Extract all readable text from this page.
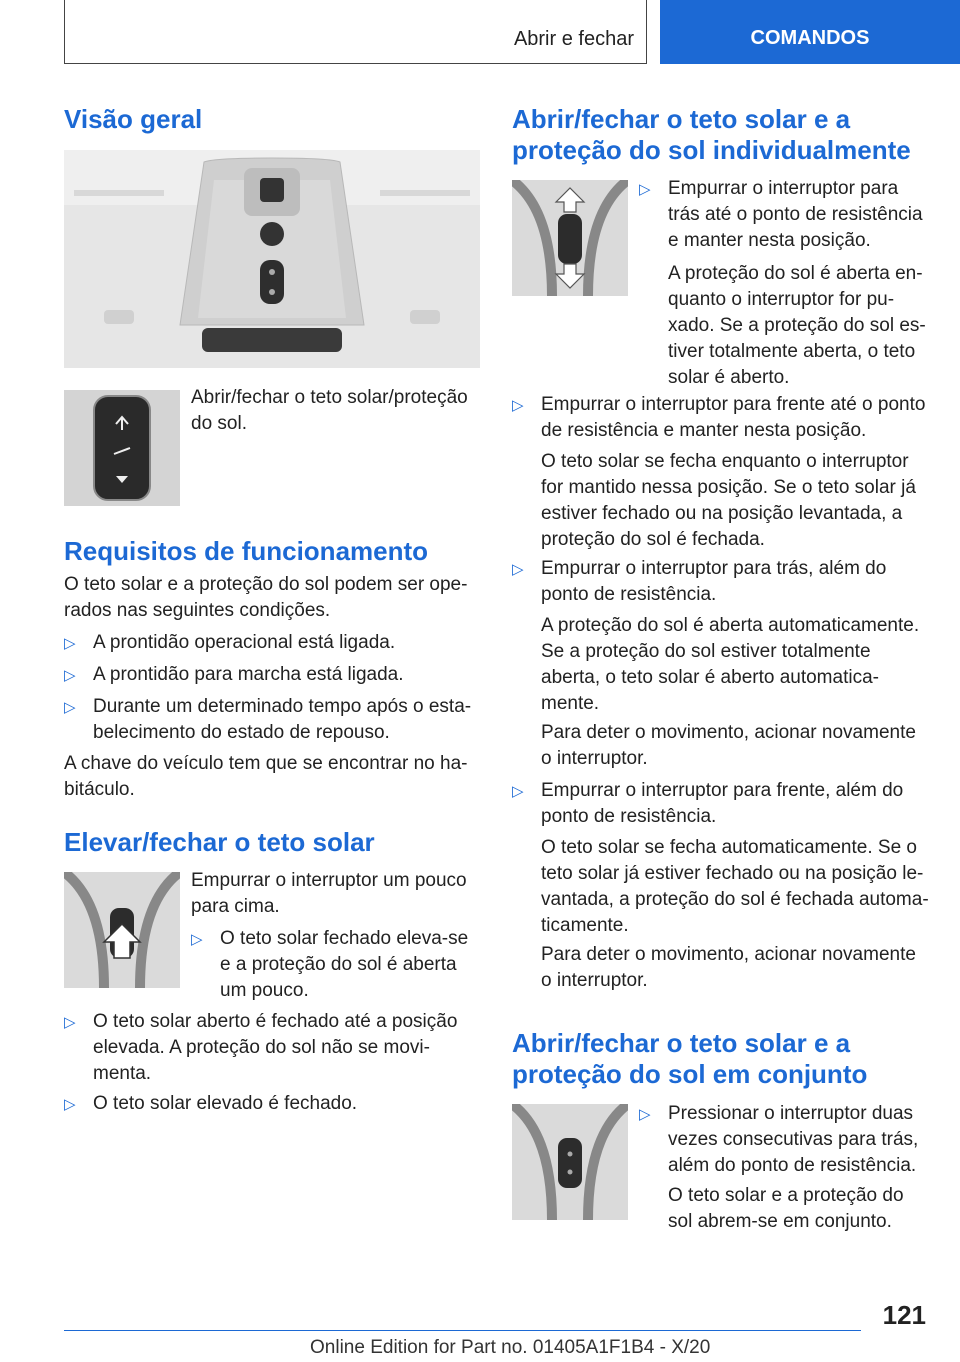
Abrir e fechar	COMANDOS
Visão geral
Abrir/fechar o teto solar/proteção do sol.
Requisitos de funcionamento
O teto solar e a proteção do sol podem ser operados nas seguintes condições.
▷ A prontidão operacional está ligada.
▷ A prontidão para marcha está ligada.
▷ Durante um determinado tempo após o estabelecimento do estado de repouso.
A chave do veículo tem que se encontrar no habitáculo.
Elevar/fechar o teto solar
Empurrar o interruptor um pouco para cima.
▷ O teto solar fechado eleva-se e a proteção do sol é aberta um pouco.
▷ O teto solar aberto é fechado até a posição elevada. A proteção do sol não se movimenta.
▷ O teto solar elevado é fechado.
Abrir/fechar o teto solar e a proteção do sol individualmente
▷ Empurrar o interruptor para trás até o ponto de resistência e manter nesta posição.
A proteção do sol é aberta enquanto o interruptor for puxado. Se a proteção do sol estiver totalmente aberta, o teto solar é aberto.
▷ Empurrar o interruptor para frente até o ponto de resistência e manter nesta posição.
O teto solar se fecha enquanto o interruptor for mantido nessa posição. Se o teto solar já estiver fechado ou na posição levantada, a proteção do sol é fechada.
▷ Empurrar o interruptor para trás, além do ponto de resistência.
A proteção do sol é aberta automaticamente. Se a proteção do sol estiver totalmente aberta, o teto solar é aberto automaticamente.
Para deter o movimento, acionar novamente o interruptor.
▷ Empurrar o interruptor para frente, além do ponto de resistência.
O teto solar se fecha automaticamente. Se o teto solar já estiver fechado ou na posição levantada, a proteção do sol é fechada automaticamente.
Para deter o movimento, acionar novamente o interruptor.
Abrir/fechar o teto solar e a proteção do sol em conjunto
▷ Pressionar o interruptor duas vezes consecutivas para trás, além do ponto de resistência.
O teto solar e a proteção do sol abrem-se em conjunto.
121
Online Edition for Part no. 01405A1F1B4 - X/20
